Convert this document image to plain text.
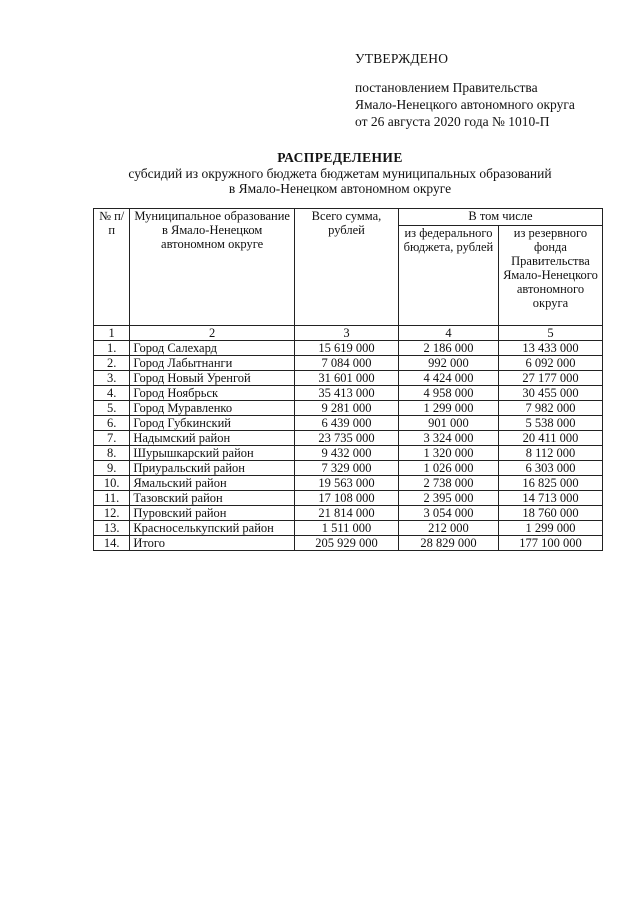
УТВЕРЖДЕНО
постановлением Правительства
Ямало-Ненецкого автономного округа
от 26 августа 2020 года № 1010-П
РАСПРЕДЕЛЕНИЕ
субсидий из окружного бюджета бюджетам муниципальных образований
в Ямало-Ненецком автономном округе
№ п/п	Муниципальное образование в Ямало-Ненецком автономном округе	Всего сумма, рублей	В том числе	
			из федерального бюджета, рублей	из резервного фонда Правительства Ямало-Ненецкого автономного округа
1	2	3	4	5
1.	Город Салехард	15 619 000	2 186 000	13 433 000
2.	Город Лабытнанги	7 084 000	992 000	6 092 000
3.	Город Новый Уренгой	31 601 000	4 424 000	27 177 000
4.	Город Ноябрьск	35 413 000	4 958 000	30 455 000
5.	Город Муравленко	9 281 000	1 299 000	7 982 000
6.	Город Губкинский	6 439 000	901 000	5 538 000
7.	Надымский район	23 735 000	3 324 000	20 411 000
8.	Шурышкарский район	9 432 000	1 320 000	8 112 000
9.	Приуральский район	7 329 000	1 026 000	6 303 000
10.	Ямальский район	19 563 000	2 738 000	16 825 000
11.	Тазовский район	17 108 000	2 395 000	14 713 000
12.	Пуровский район	21 814 000	3 054 000	18 760 000
13.	Красноселькупский район	1 511 000	212 000	1 299 000
14.	Итого	205 929 000	28 829 000	177 100 000
